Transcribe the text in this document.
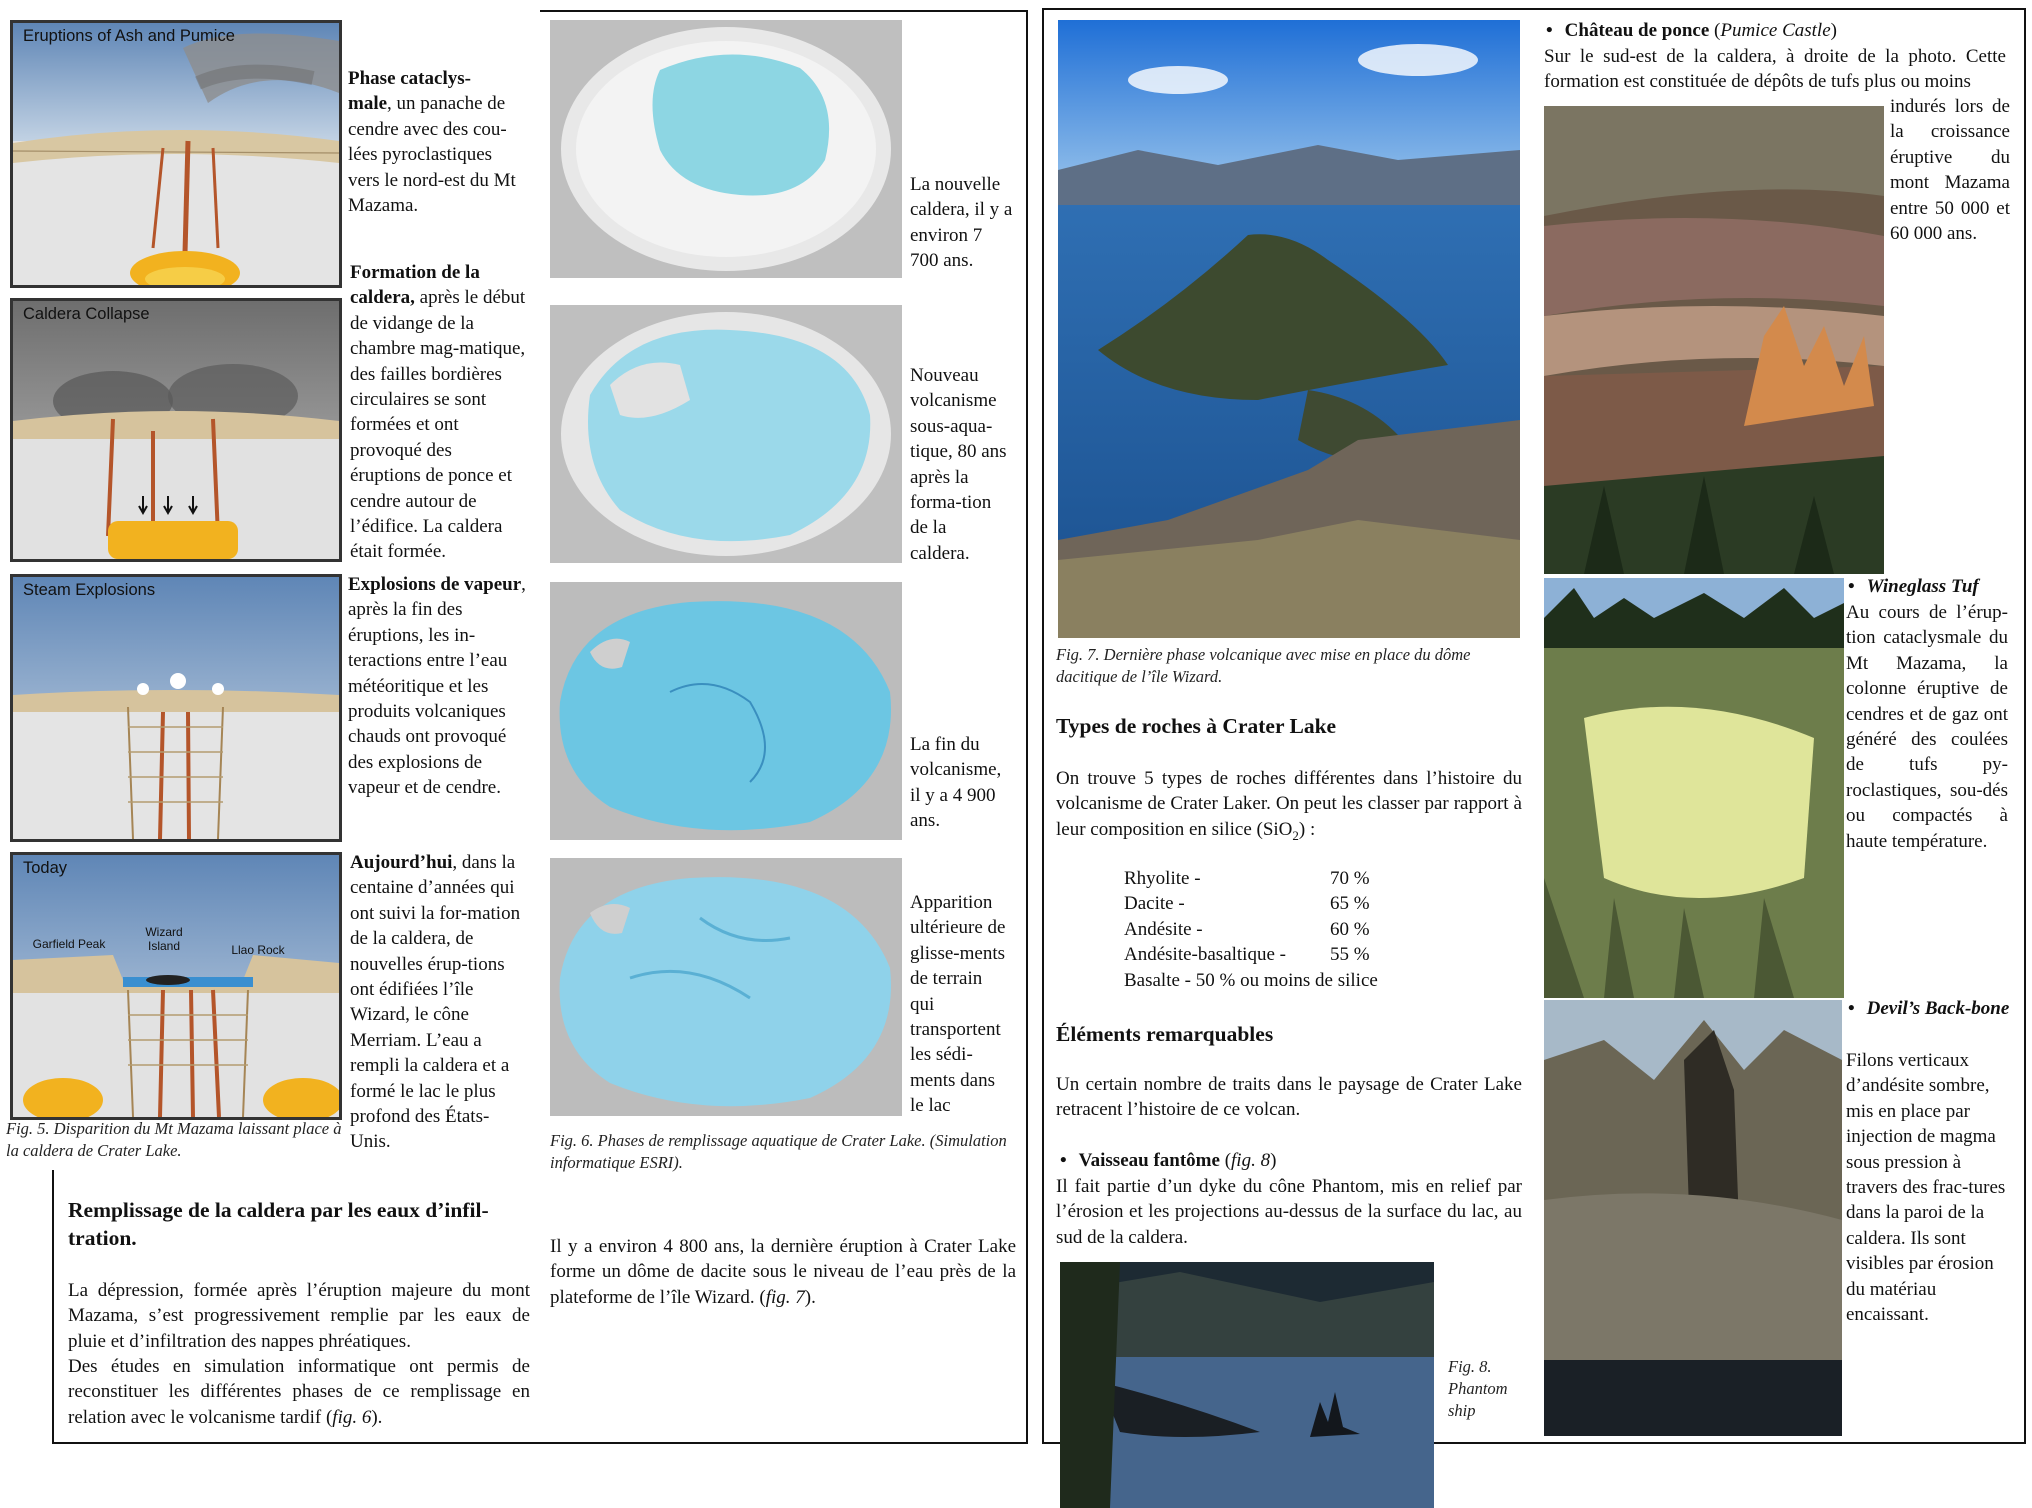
Eruptions of Ash and Pumice
Caldera Collapse
Steam Explosions
Today
Garfield Peak
Wizard Island	Llao Rock
Fig. 5. Disparition du Mt Mazama laissant place à la caldera de Crater Lake.
Phase cataclys-
male, un panache de cendre avec des cou-lées pyroclastiques vers le nord-est du Mt Mazama.
Formation de la caldera, après le début de vidange de la chambre mag-matique, des failles bordières circulaires se sont formées et ont provoqué des éruptions de ponce et cendre autour de l’édifice. La caldera était formée.
Explosions de vapeur, après la fin des éruptions, les in-teractions entre l’eau météoritique et les produits volcaniques chauds ont provoqué des explosions de vapeur et de cendre.
Aujourd’hui, dans la centaine d’années qui ont suivi la for-mation de la caldera, de nouvelles érup-tions ont édifiées l’île Wizard, le cône Merriam. L’eau a rempli la caldera et a formé le lac le plus profond des États-Unis.
La nouvelle caldera, il y a environ 7 700 ans.
Nouveau volcanisme sous-aqua-tique, 80 ans après la forma-tion de la caldera.
La fin du volcanisme, il y a 4 900 ans.
Apparition ultérieure de glisse-ments de terrain qui transportent les sédi-ments dans le lac
Fig. 6. Phases de remplissage aquatique de Crater Lake. (Simulation informatique ESRI).
Remplissage de la caldera par les eaux d’infil-tration.
La dépression, formée après l’éruption majeure du mont Mazama, s’est progressivement remplie par les eaux de pluie et d’infiltration des nappes phréatiques.
Des études en simulation informatique ont permis de reconstituer les différentes phases de ce remplissage en relation avec le volcanisme tardif (fig. 6).
Il y a environ 4 800 ans, la dernière éruption à Crater Lake forme un dôme de dacite sous le niveau de l’eau près de la plateforme de l’île Wizard. (fig. 7).
Fig. 7. Dernière phase volcanique avec mise en place du dôme dacitique de l’île Wizard.
Types de roches à Crater Lake
On trouve 5 types de roches différentes dans l’histoire du volcanisme de Crater Laker. On peut les classer par rapport à leur composition en silice (SiO$_2$) :
Rhyolite -	70 %
Dacite -	65 %
Andésite -	60 %
Andésite-basaltique -	55 %
Basalte - 50 % ou moins de silice
Éléments remarquables
Un certain nombre de traits dans le paysage de Crater Lake retracent l’histoire de ce volcan.
• Vaisseau fantôme (fig. 8)
Il fait partie d’un dyke du cône Phantom, mis en relief par l’érosion et les projections au-dessus de la surface du lac, au sud de la caldera.
Fig. 8. Phantom ship
• Château de ponce (Pumice Castle)
Sur le sud-est de la caldera, à droite de la photo. Cette formation est constituée de dépôts de tufs plus ou moins
indurés lors de la croissance éruptive du mont Mazama entre 50 000 et 60 000 ans.
• Wineglass Tuf
Au cours de l’érup-tion cataclysmale du Mt Mazama, la colonne éruptive de cendres et de gaz ont généré des coulées de tufs py-roclastiques, sou-dés ou compactés à haute température.
• Devil’s Back-bone
Filons verticaux d’andésite sombre, mis en place par injection de magma sous pression à travers des frac-tures dans la paroi de la caldera. Ils sont visibles par érosion du matériau encaissant.
